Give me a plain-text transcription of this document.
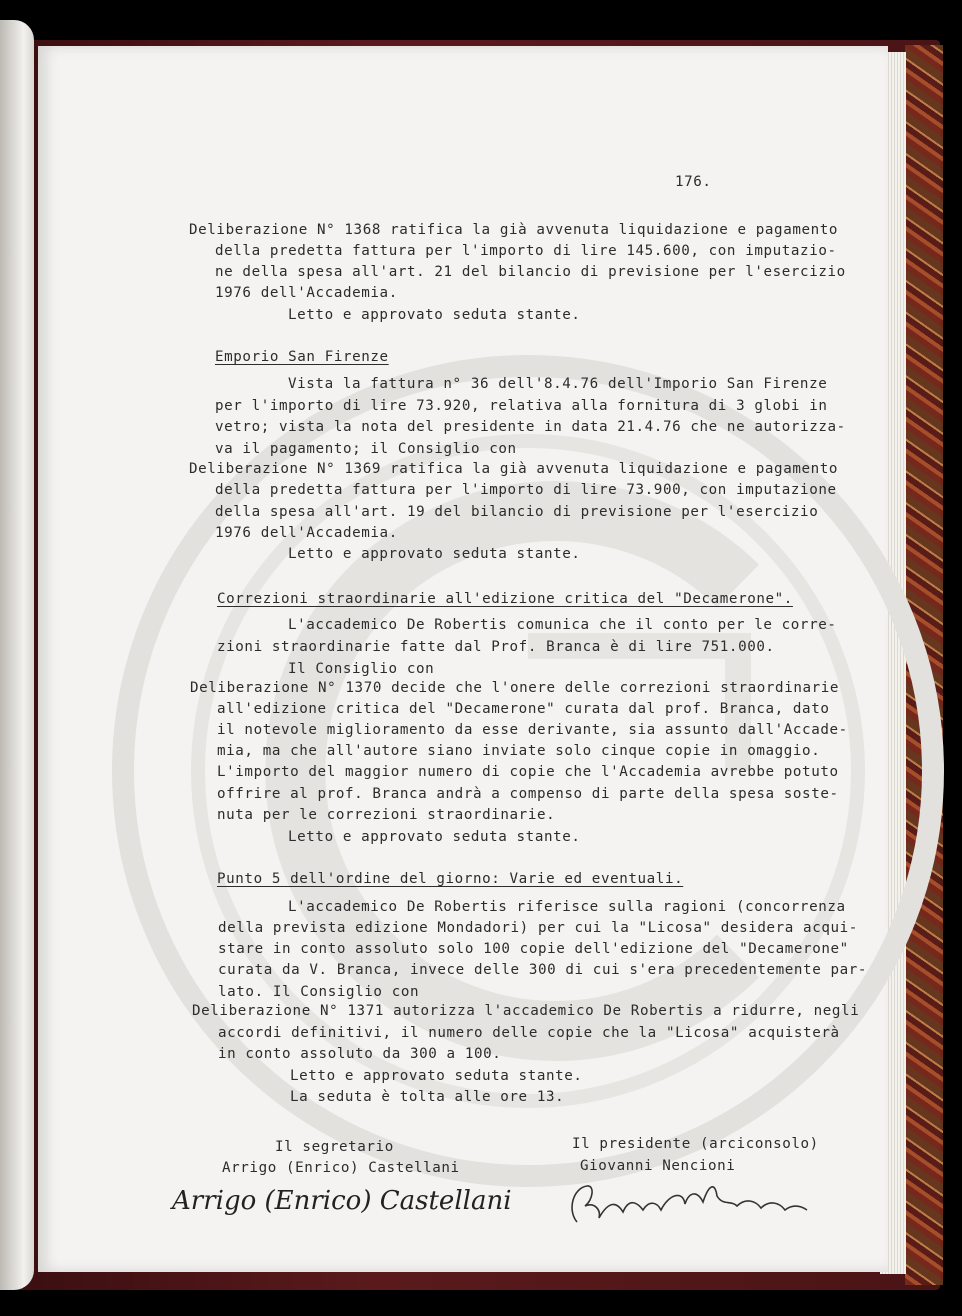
176.
Deliberazione N° 1368 ratifica la già avvenuta liquidazione e pagamento
della predetta fattura per l'importo di lire 145.600, con imputazio-
ne della spesa all'art. 21 del bilancio di previsione per l'esercizio
1976 dell'Accademia.
Letto e approvato seduta stante.
Emporio San Firenze
Vista la fattura n° 36 dell'8.4.76 dell'Imporio San Firenze
per l'importo di lire 73.920, relativa alla fornitura di 3 globi in
vetro; vista la nota del presidente in data 21.4.76 che ne autorizza-
va il pagamento; il Consiglio con
Deliberazione N° 1369 ratifica la già avvenuta liquidazione e pagamento
della predetta fattura per l'importo di lire 73.900, con imputazione
della spesa all'art. 19 del bilancio di previsione per l'esercizio
1976 dell'Accademia.
Letto e approvato seduta stante.
Correzioni straordinarie all'edizione critica del "Decamerone".
L'accademico De Robertis comunica che il conto per le corre-
zioni straordinarie fatte dal Prof. Branca è di lire 751.000.
Il Consiglio con
Deliberazione N° 1370 decide che l'onere delle correzioni straordinarie
all'edizione critica del "Decamerone" curata dal prof. Branca, dato
il notevole miglioramento da esse derivante, sia assunto dall'Accade-
mia, ma che all'autore siano inviate solo cinque copie in omaggio.
L'importo del maggior numero di copie che l'Accademia avrebbe potuto
offrire al prof. Branca andrà a compenso di parte della spesa soste-
nuta per le correzioni straordinarie.
Letto e approvato seduta stante.
Punto 5 dell'ordine del giorno: Varie ed eventuali.
L'accademico De Robertis riferisce sulla ragioni (concorrenza
della prevista edizione Mondadori) per cui la "Licosa" desidera acqui-
stare in conto assoluto solo 100 copie dell'edizione del "Decamerone"
curata da V. Branca, invece delle 300 di cui s'era precedentemente par-
lato. Il Consiglio con
Deliberazione N° 1371 autorizza l'accademico De Robertis a ridurre, negli
accordi definitivi, il numero delle copie che la "Licosa" acquisterà
in conto assoluto da 300 a 100.
Letto e approvato seduta stante.
La seduta è tolta alle ore 13.
Il segretario
Arrigo (Enrico) Castellani
Il presidente (arciconsolo)
Giovanni Nencioni
Arrigo (Enrico) Castellani
